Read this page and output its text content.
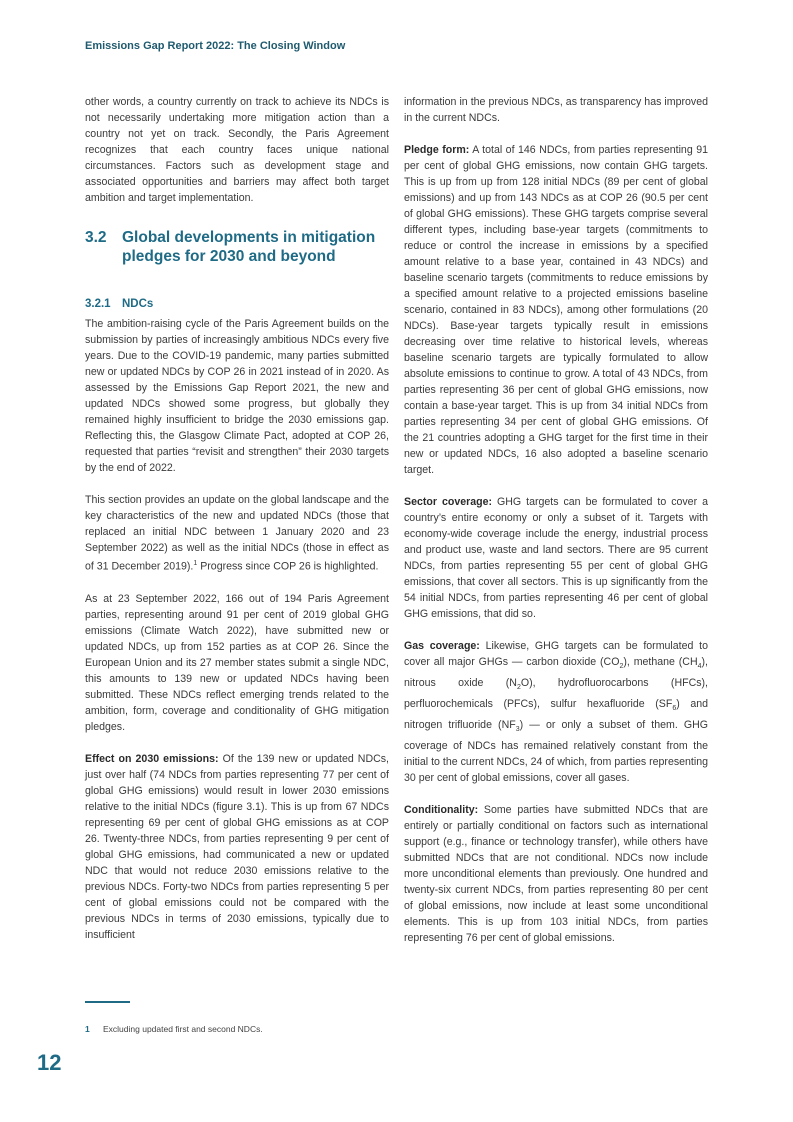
Emissions Gap Report 2022: The Closing Window

other words, a country currently on track to achieve its NDCs is not necessarily undertaking more mitigation action than a country not yet on track. Secondly, the Paris Agreement recognizes that each country faces unique national circumstances. Factors such as development stage and associated opportunities and barriers may affect both target ambition and target implementation.

3.2 Global developments in mitigation pledges for 2030 and beyond
3.2.1 NDCs

The ambition-raising cycle of the Paris Agreement builds on the submission by parties of increasingly ambitious NDCs every five years. Due to the COVID-19 pandemic, many parties submitted new or updated NDCs by COP 26 in 2021 instead of in 2020. As assessed by the Emissions Gap Report 2021, the new and updated NDCs showed some progress, but globally they remained highly insufficient to bridge the 2030 emissions gap. Reflecting this, the Glasgow Climate Pact, adopted at COP 26, requested that parties “revisit and strengthen” their 2030 targets by the end of 2022.

This section provides an update on the global landscape and the key characteristics of the new and updated NDCs (those that replaced an initial NDC between 1 January 2020 and 23 September 2022) as well as the initial NDCs (those in effect as of 31 December 2019).$^1$ Progress since COP 26 is highlighted.

As at 23 September 2022, 166 out of 194 Paris Agreement parties, representing around 91 per cent of 2019 global GHG emissions (Climate Watch 2022), have submitted new or updated NDCs, up from 152 parties as at COP 26. Since the European Union and its 27 member states submit a single NDC, this amounts to 139 new or updated NDCs having been submitted. These NDCs reflect emerging trends related to the ambition, form, coverage and conditionality of GHG mitigation pledges.

Effect on 2030 emissions: Of the 139 new or updated NDCs, just over half (74 NDCs from parties representing 77 per cent of global GHG emissions) would result in lower 2030 emissions relative to the initial NDCs (figure 3.1). This is up from 67 NDCs representing 69 per cent of global GHG emissions as at COP 26. Twenty-three NDCs, from parties representing 9 per cent of global GHG emissions, had communicated a new or updated NDC that would not reduce 2030 emissions relative to the previous NDCs. Forty-two NDCs from parties representing 5 per cent of global emissions could not be compared with the previous NDCs in terms of 2030 emissions, typically due to insufficient

information in the previous NDCs, as transparency has improved in the current NDCs.

Pledge form: A total of 146 NDCs, from parties representing 91 per cent of global GHG emissions, now contain GHG targets. This is up from up from 128 initial NDCs (89 per cent of global emissions) and up from 143 NDCs as at COP 26 (90.5 per cent of global GHG emissions). These GHG targets comprise several different types, including base-year targets (commitments to reduce or control the increase in emissions by a specified amount relative to a base year, contained in 43 NDCs) and baseline scenario targets (commitments to reduce emissions by a specified amount relative to a projected emissions baseline scenario, contained in 83 NDCs), among other formulations (20 NDCs). Base-year targets typically result in emissions decreasing over time relative to historical levels, whereas baseline scenario targets are typically formulated to allow absolute emissions to continue to grow. A total of 43 NDCs, from parties representing 36 per cent of global GHG emissions, now contain a base-year target. This is up from 34 initial NDCs from parties representing 34 per cent of global GHG emissions. Of the 21 countries adopting a GHG target for the first time in their new or updated NDCs, 16 also adopted a baseline scenario target.

Sector coverage: GHG targets can be formulated to cover a country’s entire economy or only a subset of it. Targets with economy-wide coverage include the energy, industrial process and product use, waste and land sectors. There are 95 current NDCs, from parties representing 55 per cent of global GHG emissions, that cover all sectors. This is up significantly from the 54 initial NDCs, from parties representing 46 per cent of global GHG emissions, that did so.

Gas coverage: Likewise, GHG targets can be formulated to cover all major GHGs — carbon dioxide $(CO_2)$, methane $(CH_4)$, nitrous oxide $(N_2O)$, hydrofluorocarbons (HFCs), perfluorochemicals (PFCs), sulfur hexafluoride $(SF_6)$ and nitrogen trifluoride $(NF_3)$ — or only a subset of them. GHG coverage of NDCs has remained relatively constant from the initial to the current NDCs, 24 of which, from parties representing 30 per cent of global emissions, cover all gases.

Conditionality: Some parties have submitted NDCs that are entirely or partially conditional on factors such as international support (e.g., finance or technology transfer), while others have submitted NDCs that are not conditional. NDCs now include more unconditional elements than previously. One hundred and twenty-six current NDCs, from parties representing 80 per cent of global emissions, now include at least some unconditional elements. This is up from 103 initial NDCs, from parties representing 76 per cent of global emissions.

1 Excluding updated first and second NDCs.
12
